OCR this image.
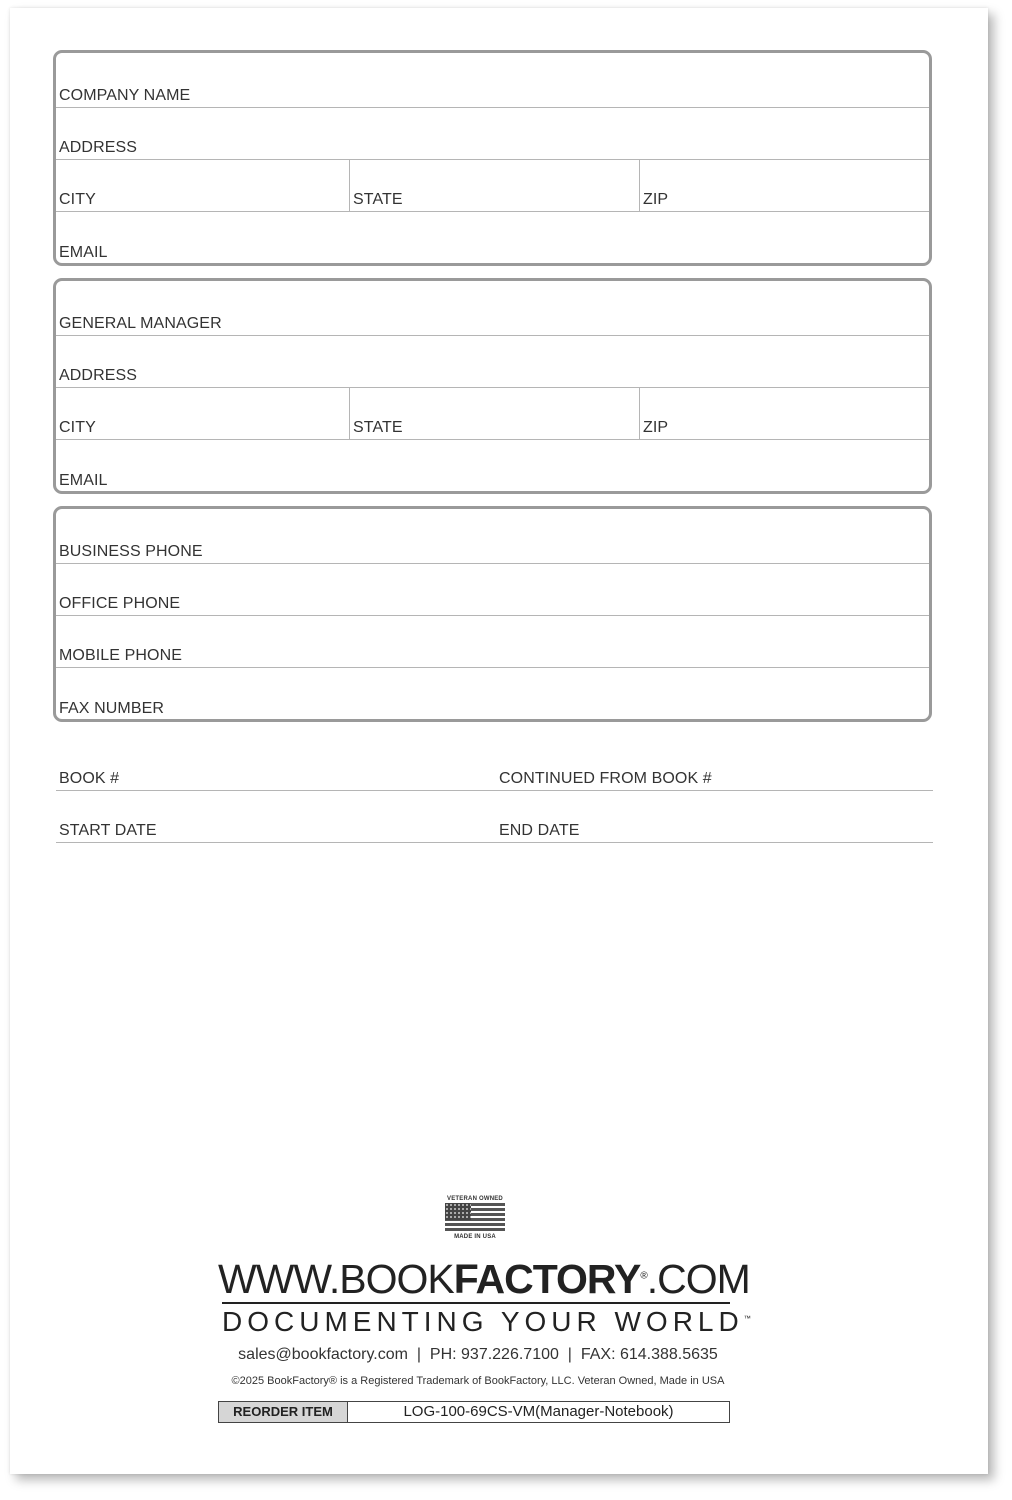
COMPANY NAME
ADDRESS
CITY	STATE	ZIP
EMAIL
GENERAL MANAGER
ADDRESS
CITY	STATE	ZIP
EMAIL
BUSINESS PHONE
OFFICE PHONE
MOBILE PHONE
FAX NUMBER
BOOK #	CONTINUED FROM BOOK #
START DATE	END DATE
VETERAN OWNED
MADE IN USA
WWW.BOOKFACTORY®.COM
DOCUMENTING YOUR WORLD™
sales@bookfactory.com  |  PH: 937.226.7100  |  FAX: 614.388.5635
©2025 BookFactory® is a Registered Trademark of BookFactory, LLC. Veteran Owned, Made in USA
REORDER ITEM	LOG-100-69CS-VM(Manager-Notebook)
